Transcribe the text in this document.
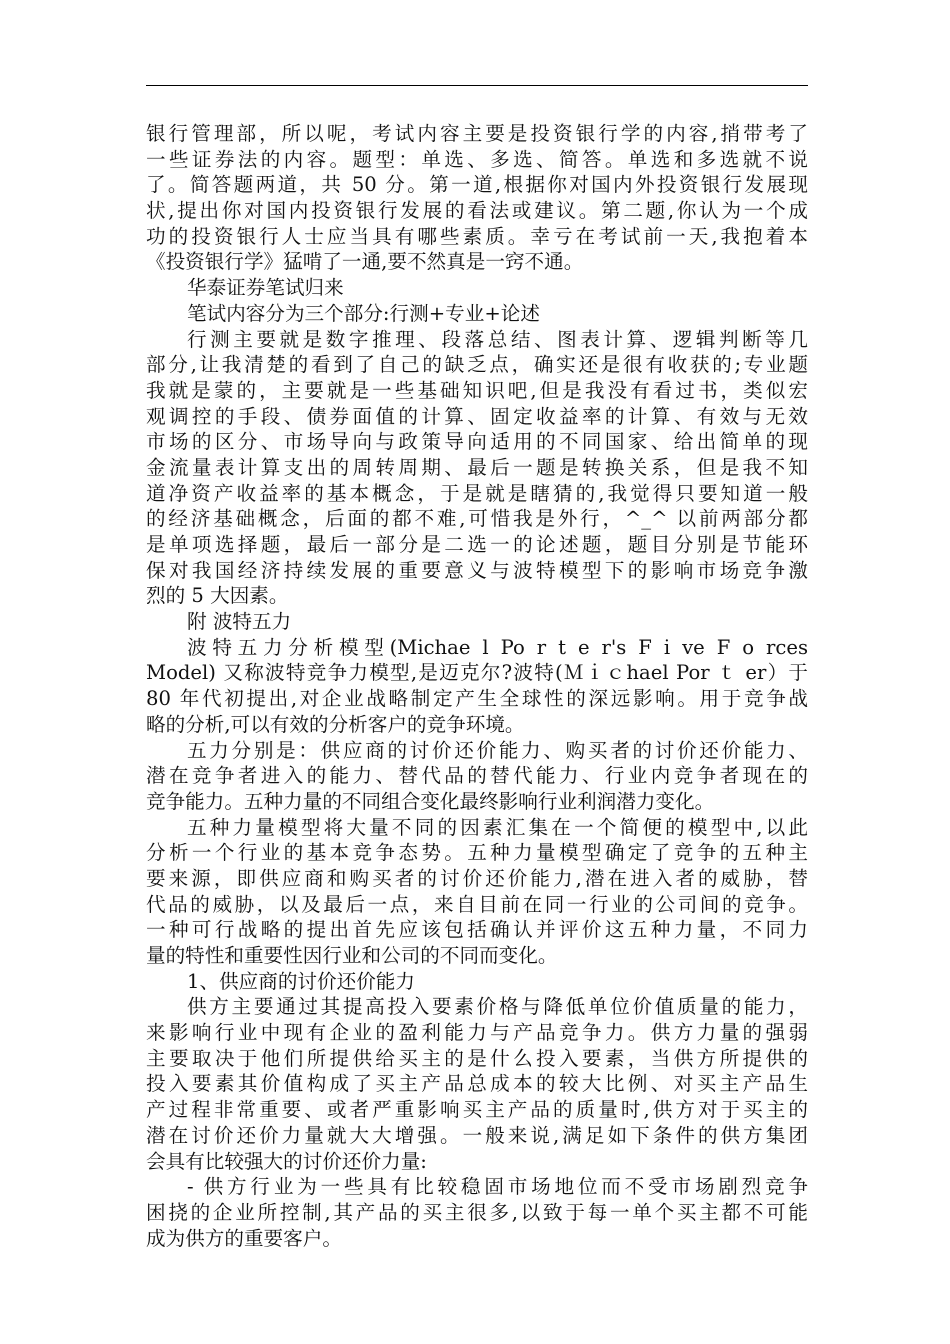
银行管理部，所以呢，考试内容主要是投资银行学的内容,捎带考了
一些证券法的内容。题型：单选、多选、简答。单选和多选就不说
了。简答题两道，共 50 分。第一道,根据你对国内外投资银行发展现
状,提出你对国内投资银行发展的看法或建议。第二题,你认为一个成
功的投资银行人士应当具有哪些素质。幸亏在考试前一天,我抱着本
《投资银行学》猛啃了一通,要不然真是一窍不通。
华泰证券笔试归来
笔试内容分为三个部分:行测+专业+论述
行测主要就是数字推理、段落总结、图表计算、逻辑判断等几
部分,让我清楚的看到了自己的缺乏点，确实还是很有收获的;专业题
我就是蒙的，主要就是一些基础知识吧,但是我没有看过书，类似宏
观调控的手段、债券面值的计算、固定收益率的计算、有效与无效
市场的区分、市场导向与政策导向适用的不同国家、给出简单的现
金流量表计算支出的周转周期、最后一题是转换关系，但是我不知
道净资产收益率的基本概念，于是就是瞎猜的,我觉得只要知道一般
的经济基础概念，后面的都不难,可惜我是外行，^_^ 以前两部分都
是单项选择题，最后一部分是二选一的论述题，题目分别是节能环
保对我国经济持续发展的重要意义与波特模型下的影响市场竞争激
烈的 5 大因素。
附 波特五力
波特五力分析模型(Michae l Po r t e r's F i ve F o rces
Model) 又称波特竞争力模型,是迈克尔?波特(Ｍｉｃhael Por ｔ er）于
80 年代初提出,对企业战略制定产生全球性的深远影响。用于竞争战
略的分析,可以有效的分析客户的竞争环境。
五力分别是：供应商的讨价还价能力、购买者的讨价还价能力、
潜在竞争者进入的能力、替代品的替代能力、行业内竞争者现在的
竞争能力。五种力量的不同组合变化最终影响行业利润潜力变化。
五种力量模型将大量不同的因素汇集在一个简便的模型中,以此
分析一个行业的基本竞争态势。五种力量模型确定了竞争的五种主
要来源，即供应商和购买者的讨价还价能力,潜在进入者的威胁，替
代品的威胁，以及最后一点，来自目前在同一行业的公司间的竞争。
一种可行战略的提出首先应该包括确认并评价这五种力量，不同力
量的特性和重要性因行业和公司的不同而变化。
1、供应商的讨价还价能力
供方主要通过其提高投入要素价格与降低单位价值质量的能力，
来影响行业中现有企业的盈利能力与产品竞争力。供方力量的强弱
主要取决于他们所提供给买主的是什么投入要素，当供方所提供的
投入要素其价值构成了买主产品总成本的较大比例、对买主产品生
产过程非常重要、或者严重影响买主产品的质量时,供方对于买主的
潜在讨价还价力量就大大增强。一般来说,满足如下条件的供方集团
会具有比较强大的讨价还价力量:
- 供方行业为一些具有比较稳固市场地位而不受市场剧烈竞争
困挠的企业所控制,其产品的买主很多,以致于每一单个买主都不可能
成为供方的重要客户。
